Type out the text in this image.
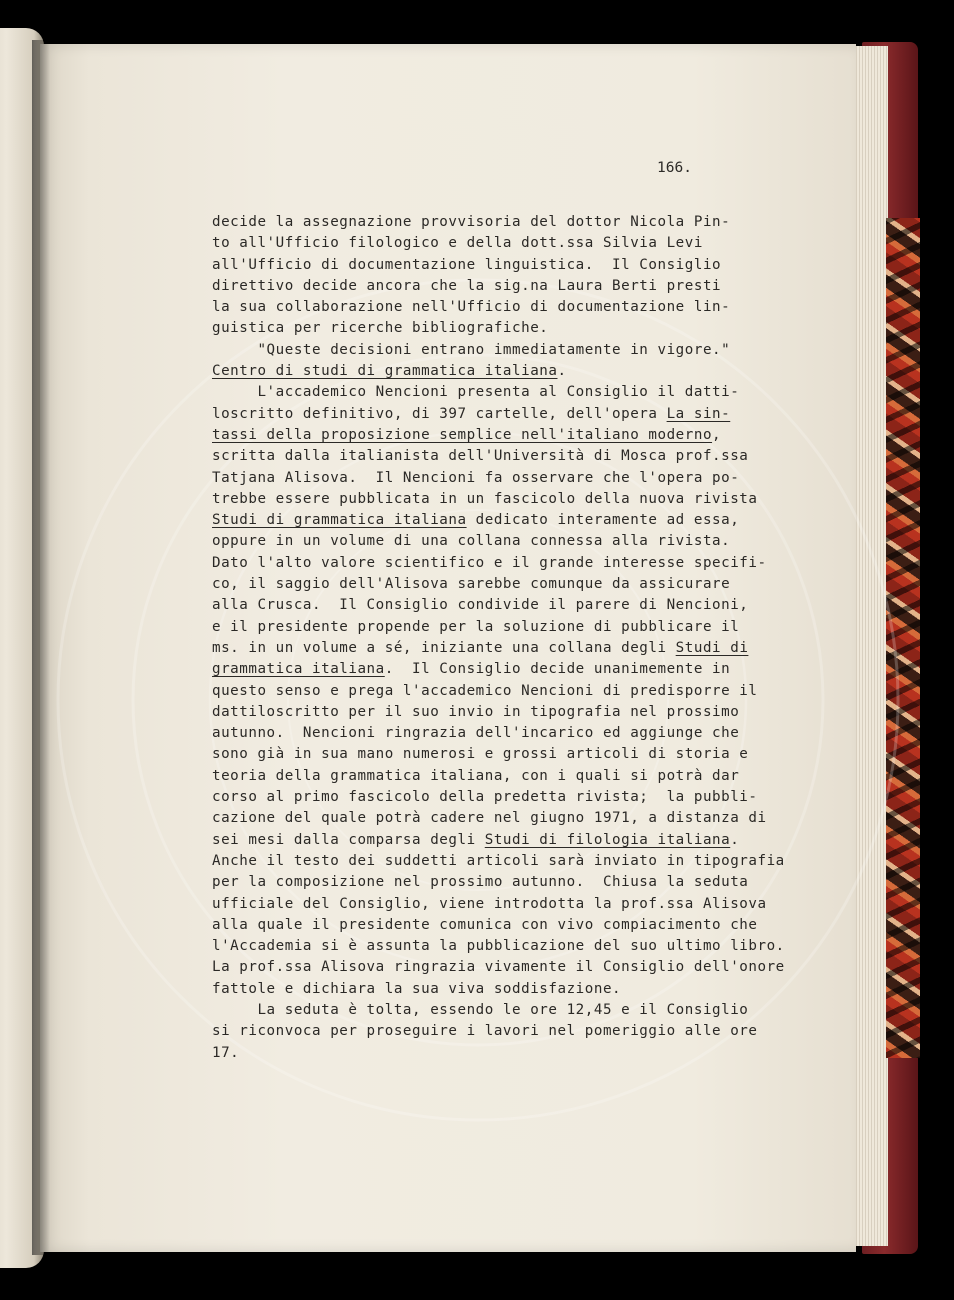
166.
decide la assegnazione provvisoria del dottor Nicola Pin-
to all'Ufficio filologico e della dott.ssa Silvia Levi
all'Ufficio di documentazione linguistica.  Il Consiglio
direttivo decide ancora che la sig.na Laura Berti presti
la sua collaborazione nell'Ufficio di documentazione lin-
guistica per ricerche bibliografiche.
"Queste decisioni entrano immediatamente in vigore."
Centro di studi di grammatica italiana.
L'accademico Nencioni presenta al Consiglio il datti-
loscritto definitivo, di 397 cartelle, dell'opera La sin-
tassi della proposizione semplice nell'italiano moderno,
scritta dalla italianista dell'Università di Mosca prof.ssa
Tatjana Alisova.  Il Nencioni fa osservare che l'opera po-
trebbe essere pubblicata in un fascicolo della nuova rivista
Studi di grammatica italiana dedicato interamente ad essa,
oppure in un volume di una collana connessa alla rivista.
Dato l'alto valore scientifico e il grande interesse specifi-
co, il saggio dell'Alisova sarebbe comunque da assicurare
alla Crusca.  Il Consiglio condivide il parere di Nencioni,
e il presidente propende per la soluzione di pubblicare il
ms. in un volume a sé, iniziante una collana degli Studi di
grammatica italiana.  Il Consiglio decide unanimemente in
questo senso e prega l'accademico Nencioni di predisporre il
dattiloscritto per il suo invio in tipografia nel prossimo
autunno.  Nencioni ringrazia dell'incarico ed aggiunge che
sono già in sua mano numerosi e grossi articoli di storia e
teoria della grammatica italiana, con i quali si potrà dar
corso al primo fascicolo della predetta rivista;  la pubbli-
cazione del quale potrà cadere nel giugno 1971, a distanza di
sei mesi dalla comparsa degli Studi di filologia italiana.
Anche il testo dei suddetti articoli sarà inviato in tipografia
per la composizione nel prossimo autunno.  Chiusa la seduta
ufficiale del Consiglio, viene introdotta la prof.ssa Alisova
alla quale il presidente comunica con vivo compiacimento che
l'Accademia si è assunta la pubblicazione del suo ultimo libro.
La prof.ssa Alisova ringrazia vivamente il Consiglio dell'onore
fattole e dichiara la sua viva soddisfazione.
La seduta è tolta, essendo le ore 12,45 e il Consiglio
si riconvoca per proseguire i lavori nel pomeriggio alle ore
17.
